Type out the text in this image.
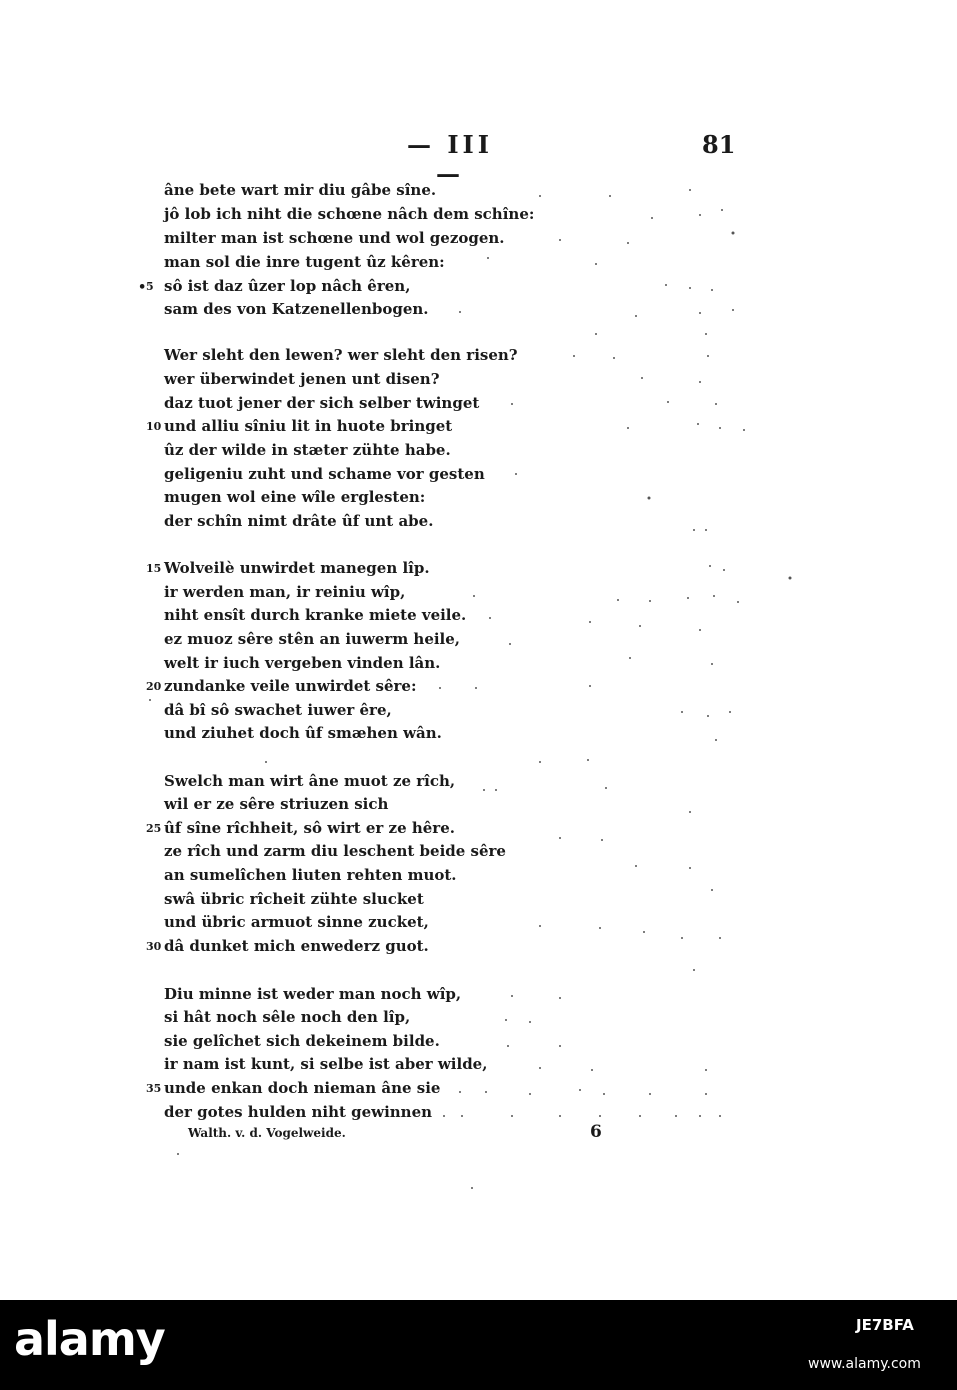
— III —
81
•
âne bete wart mir diu gâbe sîne.
jô lob ich niht die schœne nâch dem schîne:
milter man ist schœne und wol gezogen.
man sol die inre tugent ûz kêren:
sô ist daz ûzer lop nâch êren,
sam des von Katzenellenbogen.
Wer sleht den lewen? wer sleht den risen?
wer überwindet jenen unt disen?
daz tuot jener der sich selber twinget
und alliu sîniu lit in huote bringet
ûz der wilde in stæter zühte habe.
geligeniu zuht und schame vor gesten
mugen wol eine wîle erglesten:
der schîn nimt drâte ûf unt abe.
Wolveilè unwirdet manegen lîp.
ir werden man, ir reiniu wîp,
niht ensît durch kranke miete veile.
ez muoz sêre stên an iuwerm heile,
welt ir iuch vergeben vinden lân.
zundanke veile unwirdet sêre:
dâ bî sô swachet iuwer êre,
und ziuhet doch ûf smæhen wân.
Swelch man wirt âne muot ze rîch,
wil er ze sêre striuzen sich
ûf sîne rîchheit, sô wirt er ze hêre.
ze rîch und zarm diu leschent beide sêre
an sumelîchen liuten rehten muot.
swâ übric rîcheit zühte slucket
und übric armuot sinne zucket,
dâ dunket mich enwederz guot.
Diu minne ist weder man noch wîp,
si hât noch sêle noch den lîp,
sie gelîchet sich dekeinem bilde.
ir nam ist kunt, si selbe ist aber wilde,
unde enkan doch nieman âne sie
der gotes hulden niht gewinnen
5
10
15
20
25
30
35
Walth. v. d. Vogelweide.	6
alamy	JE7BFA
www.alamy.com
